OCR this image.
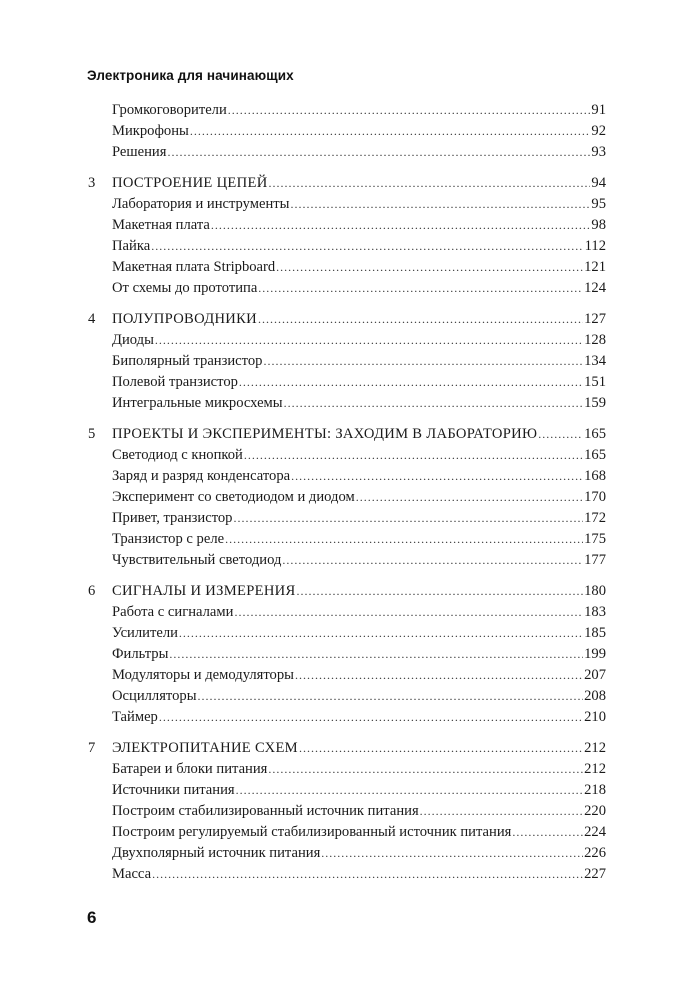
Электроника для начинающих
Громкоговорители .....	91
Микрофоны .....	92
Решения .....	93
3	ПОСТРОЕНИЕ ЦЕПЕЙ .....	94
Лаборатория и инструменты .....	95
Макетная плата .....	98
Пайка .....	112
Макетная плата Stripboard .....	121
От схемы до прототипа .....	124
4	ПОЛУПРОВОДНИКИ .....	127
Диоды .....	128
Биполярный транзистор .....	134
Полевой транзистор .....	151
Интегральные микросхемы .....	159
5	ПРОЕКТЫ И ЭКСПЕРИМЕНТЫ: ЗАХОДИМ В ЛАБОРАТОРИЮ .....	165
Светодиод с кнопкой .....	165
Заряд и разряд конденсатора .....	168
Эксперимент со светодиодом и диодом .....	170
Привет, транзистор .....	172
Транзистор с реле .....	175
Чувствительный светодиод .....	177
6	СИГНАЛЫ И ИЗМЕРЕНИЯ .....	180
Работа с сигналами .....	183
Усилители .....	185
Фильтры .....	199
Модуляторы и демодуляторы .....	207
Осцилляторы .....	208
Таймер .....	210
7	ЭЛЕКТРОПИТАНИЕ СХЕМ .....	212
Батареи и блоки питания .....	212
Источники питания .....	218
Построим стабилизированный источник питания .....	220
Построим регулируемый стабилизированный источник питания .....	224
Двухполярный источник питания .....	226
Масса .....	227
6
